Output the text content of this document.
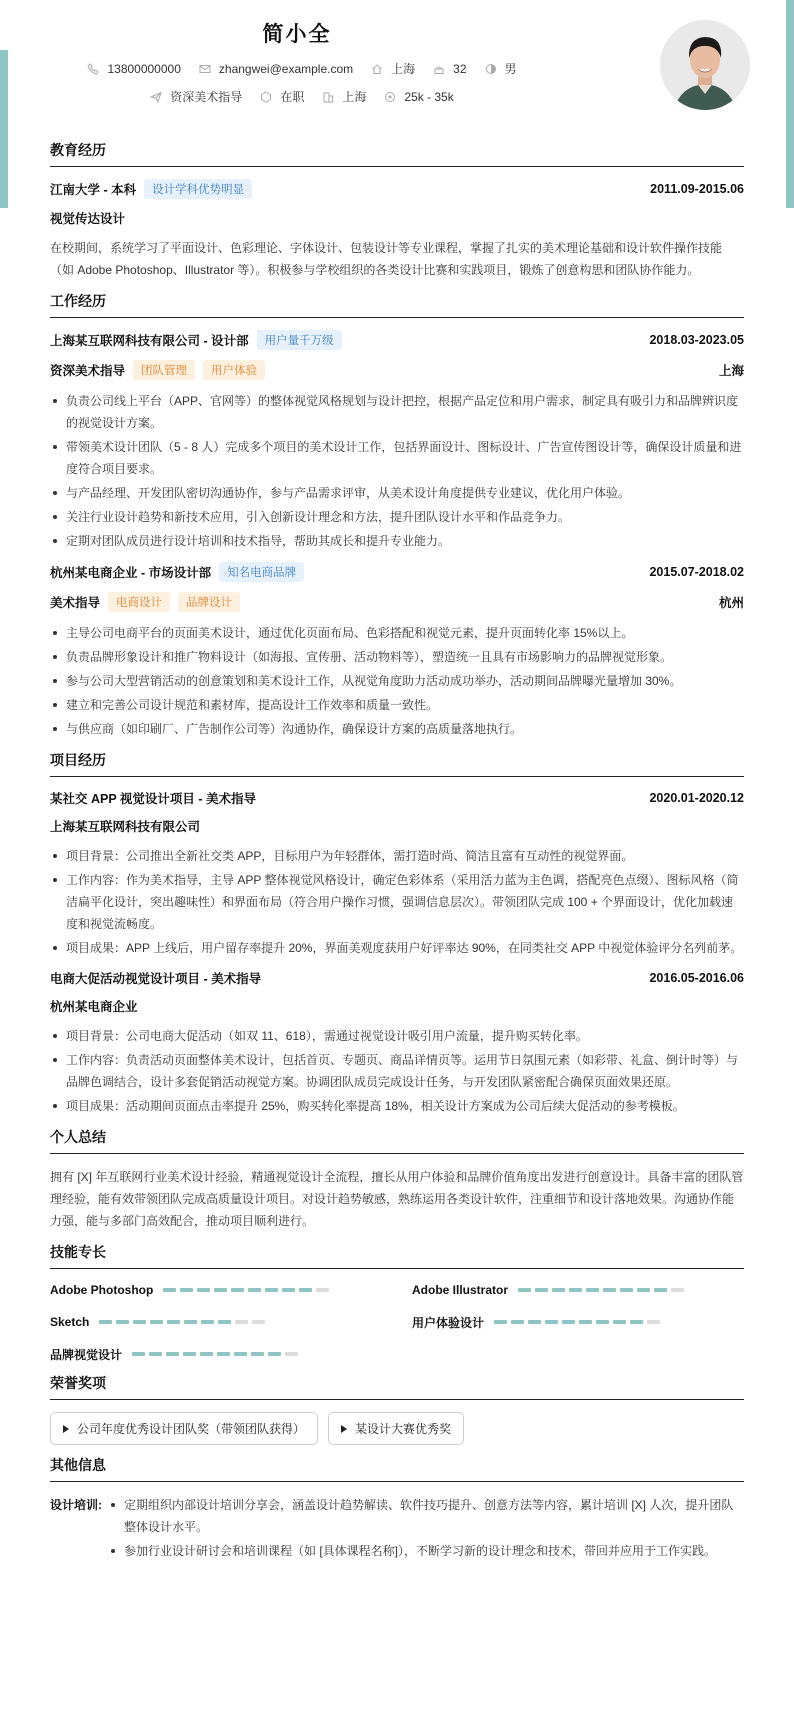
简小全
13800000000	zhangwei@example.com	上海	32	男
资深美术指导	在职	上海	25k - 35k
教育经历
江南大学 - 本科	设计学科优势明显	2011.09-2015.06
视觉传达设计
在校期间，系统学习了平面设计、色彩理论、字体设计、包装设计等专业课程，掌握了扎实的美术理论基础和设计软件操作技能（如 Adobe Photoshop、Illustrator 等）。积极参与学校组织的各类设计比赛和实践项目，锻炼了创意构思和团队协作能力。
工作经历
上海某互联网科技有限公司 - 设计部	用户量千万级	2018.03-2023.05
资深美术指导	团队管理	用户体验	上海
负责公司线上平台（APP、官网等）的整体视觉风格规划与设计把控，根据产品定位和用户需求，制定具有吸引力和品牌辨识度的视觉设计方案。
带领美术设计团队（5 - 8 人）完成多个项目的美术设计工作，包括界面设计、图标设计、广告宣传图设计等，确保设计质量和进度符合项目要求。
与产品经理、开发团队密切沟通协作，参与产品需求评审，从美术设计角度提供专业建议，优化用户体验。
关注行业设计趋势和新技术应用，引入创新设计理念和方法，提升团队设计水平和作品竞争力。
定期对团队成员进行设计培训和技术指导，帮助其成长和提升专业能力。
杭州某电商企业 - 市场设计部	知名电商品牌	2015.07-2018.02
美术指导	电商设计	品牌设计	杭州
主导公司电商平台的页面美术设计，通过优化页面布局、色彩搭配和视觉元素，提升页面转化率 15%以上。
负责品牌形象设计和推广物料设计（如海报、宣传册、活动物料等），塑造统一且具有市场影响力的品牌视觉形象。
参与公司大型营销活动的创意策划和美术设计工作，从视觉角度助力活动成功举办，活动期间品牌曝光量增加 30%。
建立和完善公司设计规范和素材库，提高设计工作效率和质量一致性。
与供应商（如印刷厂、广告制作公司等）沟通协作，确保设计方案的高质量落地执行。
项目经历
某社交 APP 视觉设计项目 - 美术指导	2020.01-2020.12
上海某互联网科技有限公司
项目背景：公司推出全新社交类 APP，目标用户为年轻群体，需打造时尚、简洁且富有互动性的视觉界面。
工作内容：作为美术指导，主导 APP 整体视觉风格设计，确定色彩体系（采用活力蓝为主色调，搭配亮色点缀）、图标风格（简洁扁平化设计，突出趣味性）和界面布局（符合用户操作习惯，强调信息层次）。带领团队完成 100 + 个界面设计，优化加载速度和视觉流畅度。
项目成果：APP 上线后，用户留存率提升 20%，界面美观度获用户好评率达 90%，在同类社交 APP 中视觉体验评分名列前茅。
电商大促活动视觉设计项目 - 美术指导	2016.05-2016.06
杭州某电商企业
项目背景：公司电商大促活动（如双 11、618），需通过视觉设计吸引用户流量，提升购买转化率。
工作内容：负责活动页面整体美术设计，包括首页、专题页、商品详情页等。运用节日氛围元素（如彩带、礼盒、倒计时等）与品牌色调结合，设计多套促销活动视觉方案。协调团队成员完成设计任务，与开发团队紧密配合确保页面效果还原。
项目成果：活动期间页面点击率提升 25%，购买转化率提高 18%，相关设计方案成为公司后续大促活动的参考模板。
个人总结
拥有 [X] 年互联网行业美术设计经验，精通视觉设计全流程，擅长从用户体验和品牌价值角度出发进行创意设计。具备丰富的团队管理经验，能有效带领团队完成高质量设计项目。对设计趋势敏感，熟练运用各类设计软件，注重细节和设计落地效果。沟通协作能力强，能与多部门高效配合，推动项目顺利进行。
技能专长
Adobe Photoshop	Adobe Illustrator
Sketch	用户体验设计
品牌视觉设计
荣誉奖项
公司年度优秀设计团队奖（带领团队获得）	某设计大赛优秀奖
其他信息
设计培训:	定期组织内部设计培训分享会，涵盖设计趋势解读、软件技巧提升、创意方法等内容，累计培训 [X] 人次，提升团队整体设计水平。
参加行业设计研讨会和培训课程（如 [具体课程名称]），不断学习新的设计理念和技术，带回并应用于工作实践。
